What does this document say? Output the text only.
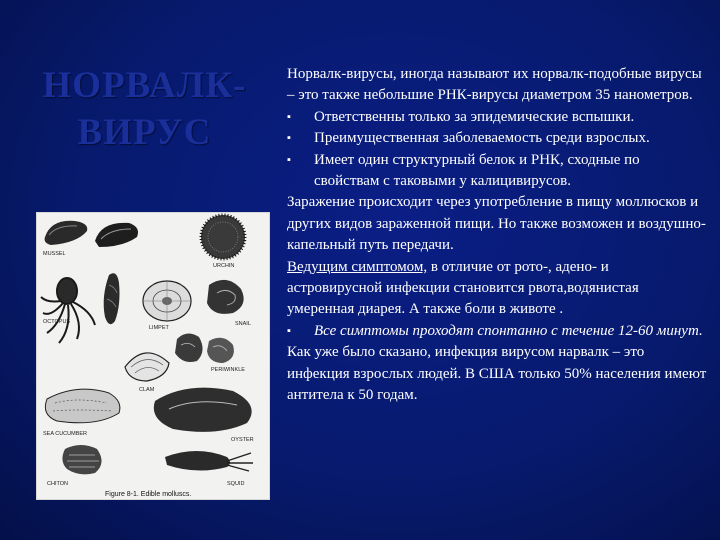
НОРВАЛК-
ВИРУС
MUSSEL
URCHIN
OCTOPUS
LIMPET
SNAIL
PERIWINKLE
CLAM
SEA CUCUMBER
OYSTER
CHITON	SQUID
Figure 8-1. Edible molluscs.

Норвалк-вирусы, иногда называют их норвалк-подобные вирусы – это также небольшие РНК-вирусы диаметром 35 нанометров.

▪ Ответственны только за эпидемические вспышки.

▪ Преимущественная заболеваемость среди взрослых.

▪ Имеет один структурный белок и РНК, сходные по свойствам с таковыми у калицивирусов.

Заражение происходит через употребление в пищу моллюсков и других видов зараженной пищи. Но также возможен и воздушно-капельный путь передачи.

Ведущим симптомом, в отличие от рото-, адено- и астровирусной инфекции становится рвота,водянистая умеренная диарея. А также боли в животе .

▪ Все симптомы проходят спонтанно с течение 12-60 минут.

Как уже было сказано, инфекция вирусом нарвалк – это инфекция взрослых людей. В США только 50% населения имеют антитела к 50 годам.
